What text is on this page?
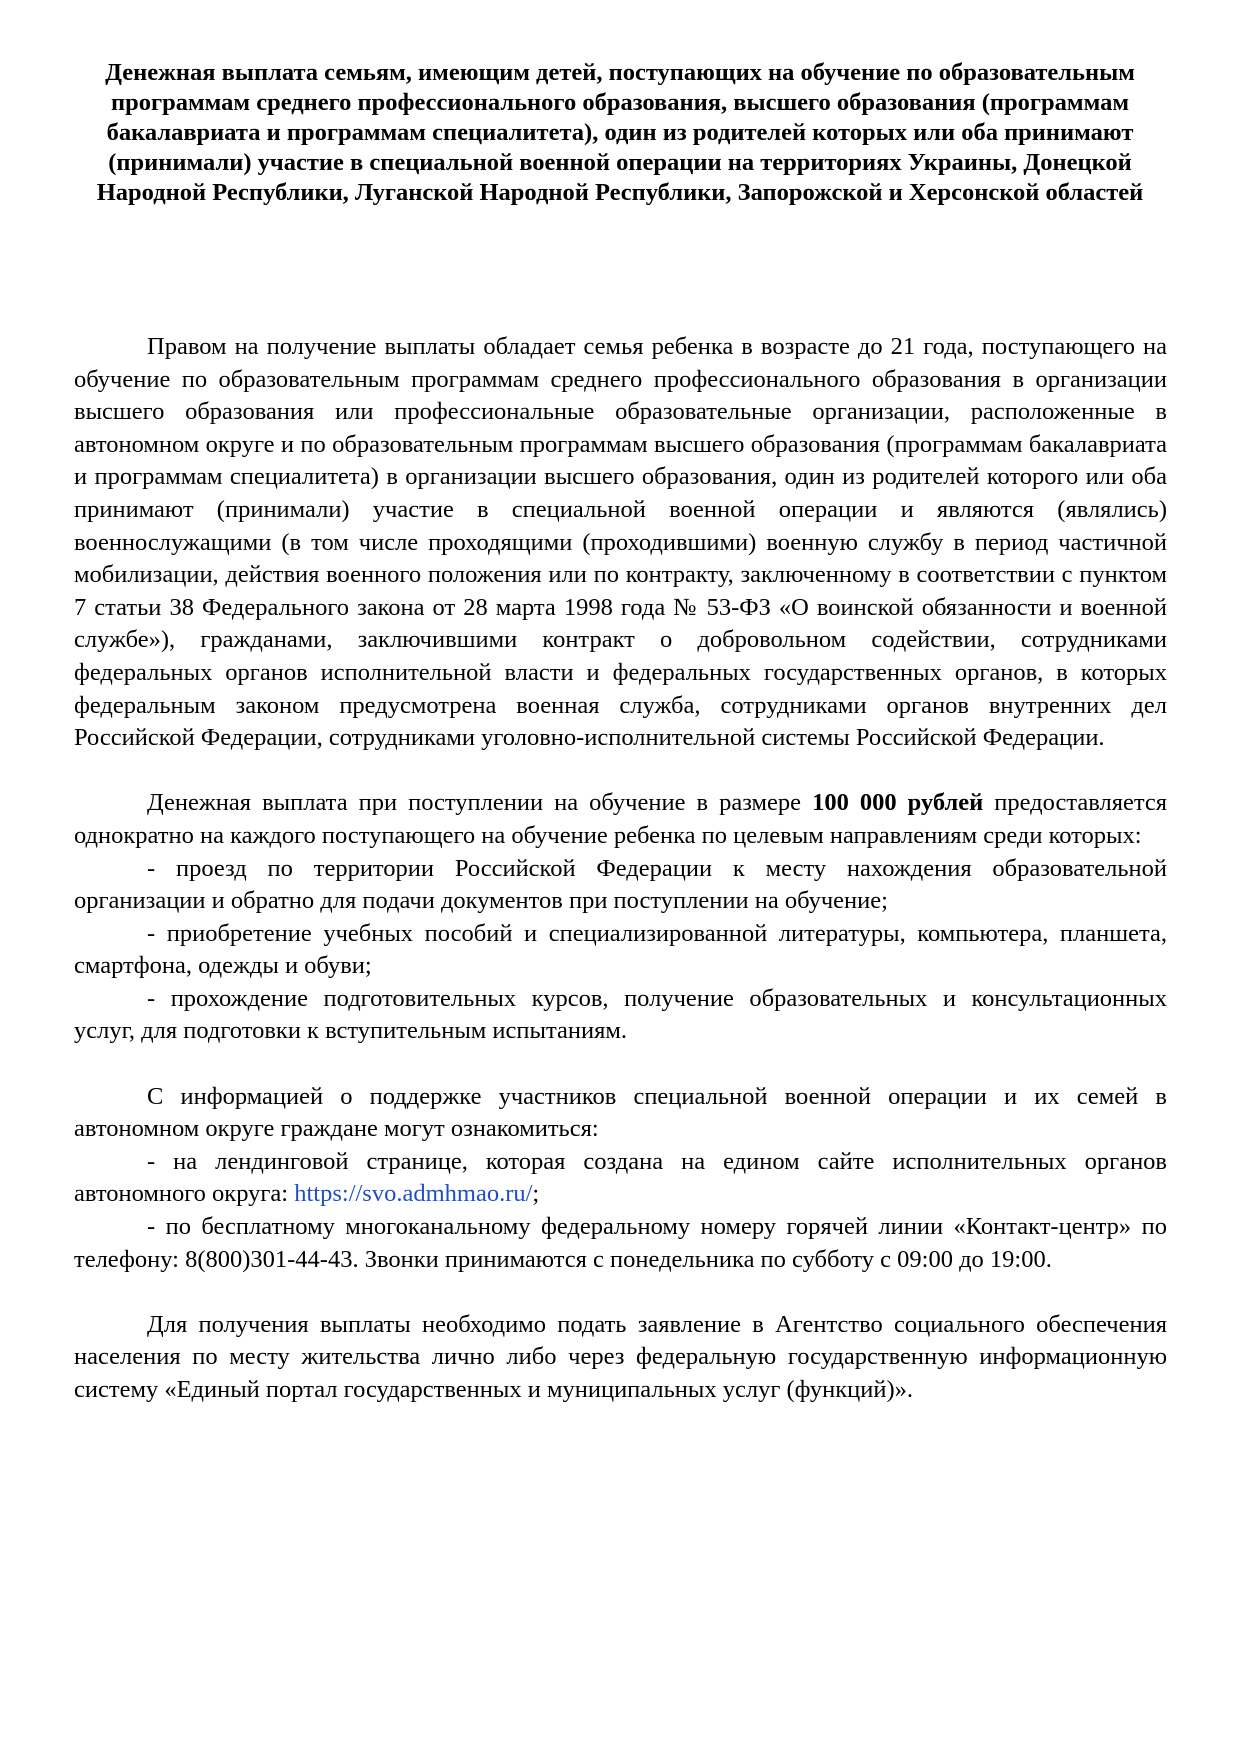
Денежная выплата семьям, имеющим детей, поступающих на обучение по образовательным программам среднего профессионального образования, высшего образования (программам бакалавриата и программам специалитета), один из родителей которых или оба принимают (принимали) участие в специальной военной операции на территориях Украины, Донецкой Народной Республики, Луганской Народной Республики, Запорожской и Херсонской областей

Правом на получение выплаты обладает семья ребенка в возрасте до 21 года, поступающего на обучение по образовательным программам среднего профессионального образования в организации высшего образования или профессиональные образовательные организации, расположенные в автономном округе и по образовательным программам высшего образования (программам бакалавриата и программам специалитета) в организации высшего образования, один из родителей которого или оба принимают (принимали) участие в специальной военной операции и являются (являлись) военнослужащими (в том числе проходящими (проходившими) военную службу в период частичной мобилизации, действия военного положения или по контракту, заключенному в соответствии с пунктом 7 статьи 38 Федерального закона от 28 марта 1998 года № 53-ФЗ «О воинской обязанности и военной службе»), гражданами, заключившими контракт о добровольном содействии, сотрудниками федеральных органов исполнительной власти и федеральных государственных органов, в которых федеральным законом предусмотрена военная служба, сотрудниками органов внутренних дел Российской Федерации, сотрудниками уголовно-исполнительной системы Российской Федерации.

Денежная выплата при поступлении на обучение в размере 100 000 рублей предоставляется однократно на каждого поступающего на обучение ребенка по целевым направлениям среди которых:

- проезд по территории Российской Федерации к месту нахождения образовательной организации и обратно для подачи документов при поступлении на обучение;

- приобретение учебных пособий и специализированной литературы, компьютера, планшета, смартфона, одежды и обуви;

- прохождение подготовительных курсов, получение образовательных и консультационных услуг, для подготовки к вступительным испытаниям.

С информацией о поддержке участников специальной военной операции и их семей в автономном округе граждане могут ознакомиться:

- на лендинговой странице, которая создана на едином сайте исполнительных органов автономного округа: https://svo.admhmao.ru/;

- по бесплатному многоканальному федеральному номеру горячей линии «Контакт-центр» по телефону: 8(800)301-44-43. Звонки принимаются с понедельника по субботу с 09:00 до 19:00.

Для получения выплаты необходимо подать заявление в Агентство социального обеспечения населения по месту жительства лично либо через федеральную государственную информационную систему «Единый портал государственных и муниципальных услуг (функций)».
